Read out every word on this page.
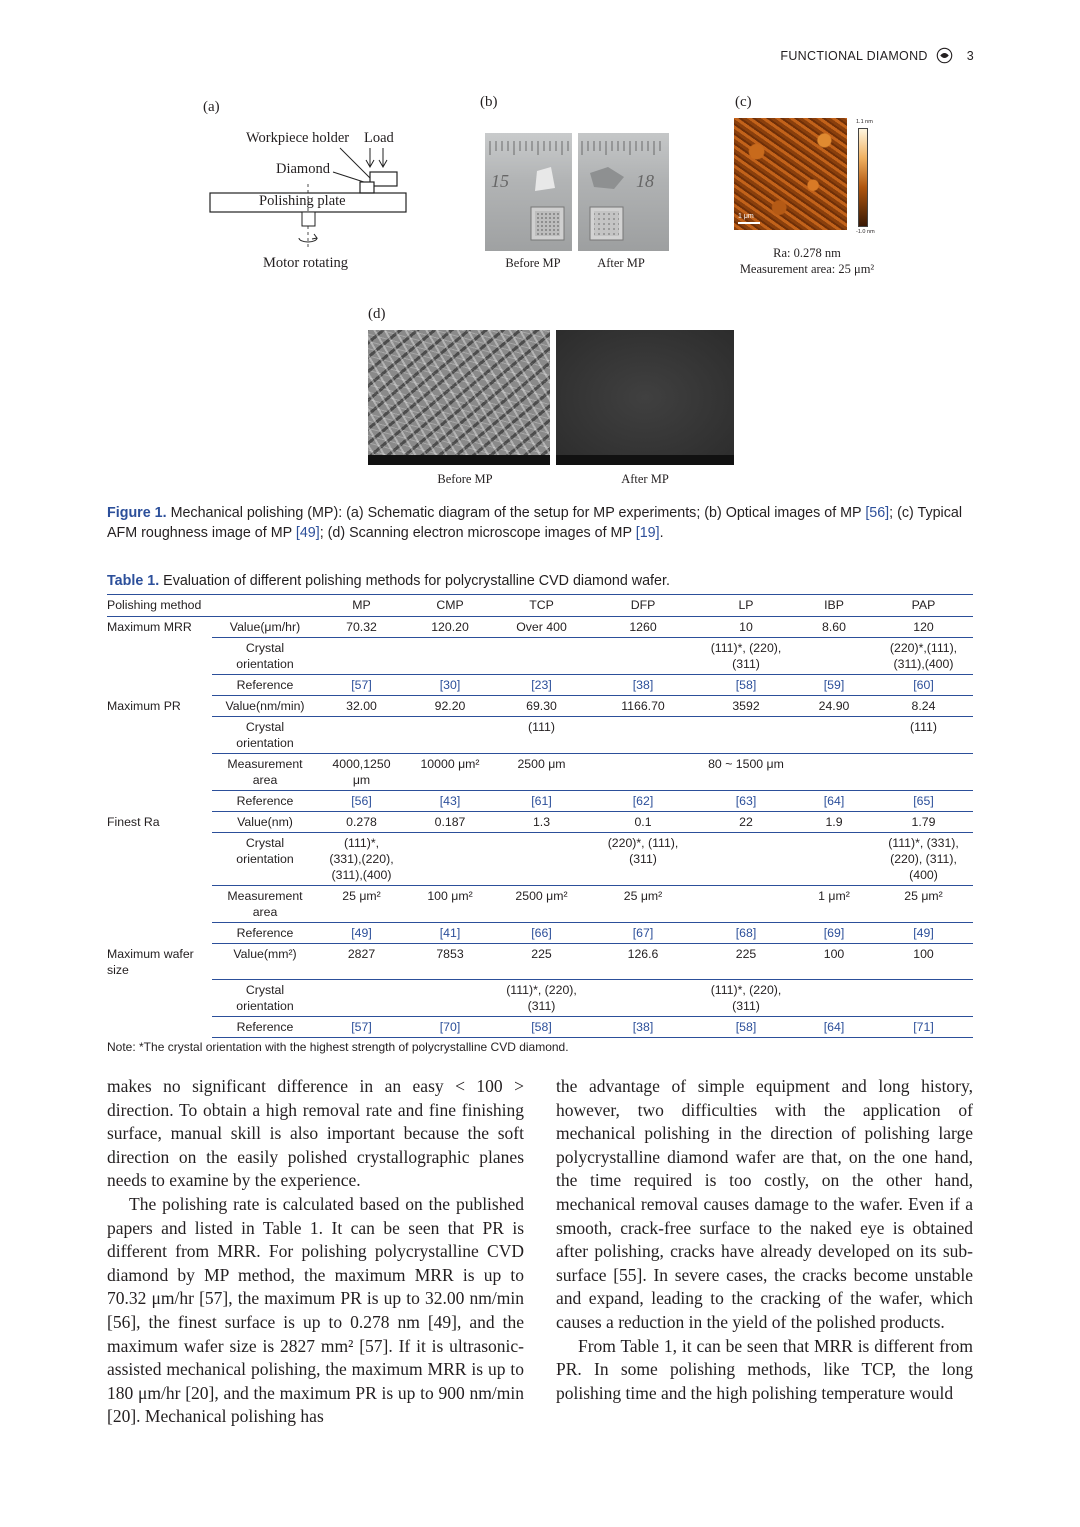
FUNCTIONAL DIAMOND	3
(a)	(b)	(c)
(d)
Workpiece holder Load
Diamond
Polishing plate
Motor rotating
15	18
Before MP	After MP
1 μm
1.1 nm
-1.0 nm
Ra: 0.278 nm
Measurement area: 25 μm²
Before MP	After MP
Figure 1. Mechanical polishing (MP): (a) Schematic diagram of the setup for MP experiments; (b) Optical images of MP [56]; (c) Typical AFM roughness image of MP [49]; (d) Scanning electron microscope images of MP [19].
Table 1. Evaluation of different polishing methods for polycrystalline CVD diamond wafer.
Polishing method		MP	CMP	TCP	DFP	LP	IBP	PAP
Maximum MRR	Value(μm/hr)	70.32	120.20	Over 400	1260	10	8.60	120
	Crystal orientation					(111)*, (220),(311)		(220)*,(111), (311),(400)
	Reference	[57]	[30]	[23]	[38]	[58]	[59]	[60]
Maximum PR	Value(nm/min)	32.00	92.20	69.30	1166.70	3592	24.90	8.24
	Crystal orientation			(111)				(111)
	Measurement area	4000,1250 μm	10000 μm²	2500 μm		80 ~ 1500 μm		
	Reference	[56]	[43]	[61]	[62]	[63]	[64]	[65]
Finest Ra	Value(nm)	0.278	0.187	1.3	0.1	22	1.9	1.79
	Crystal orientation	(111)*, (331),(220), (311),(400)			(220)*, (111),(311)			(111)*, (331),(220), (311),(400)
	Measurement area	25 μm²	100 μm²	2500 μm²	25 μm²		1 μm²	25 μm²
	Reference	[49]	[41]	[66]	[67]	[68]	[69]	[49]
Maximum wafer size	Value(mm²)	2827	7853	225	126.6	225	100	100
	Crystal orientation			(111)*, (220),(311)		(111)*, (220),(311)		
	Reference	[57]	[70]	[58]	[38]	[58]	[64]	[71]
Note: *The crystal orientation with the highest strength of polycrystalline CVD diamond.

makes no significant difference in an easy < 100 > direction. To obtain a high removal rate and fine finishing surface, manual skill is also important because the soft direction on the easily polished crystallographic planes needs to examine by the experience.

The polishing rate is calculated based on the published papers and listed in Table 1. It can be seen that PR is different from MRR. For polishing polycrystalline CVD diamond by MP method, the maximum MRR is up to 70.32 μm/hr [57], the maximum PR is up to 32.00 nm/min [56], the finest surface is up to 0.278 nm [49], and the maximum wafer size is 2827 mm² [57]. If it is ultrasonic-assisted mechanical polishing, the maximum MRR is up to 180 μm/hr [20], and the maximum PR is up to 900 nm/min [20]. Mechanical polishing has

the advantage of simple equipment and long history, however, two difficulties with the application of mechanical polishing in the direction of polishing large polycrystalline diamond wafer are that, on the one hand, the time required is too costly, on the other hand, mechanical removal causes damage to the wafer. Even if a smooth, crack-free surface to the naked eye is obtained after polishing, cracks have already developed on its sub-surface [55]. In severe cases, the cracks become unstable and expand, leading to the cracking of the wafer, which causes a reduction in the yield of the polished products.

From Table 1, it can be seen that MRR is different from PR. In some polishing methods, like TCP, the long polishing time and the high polishing temperature would
